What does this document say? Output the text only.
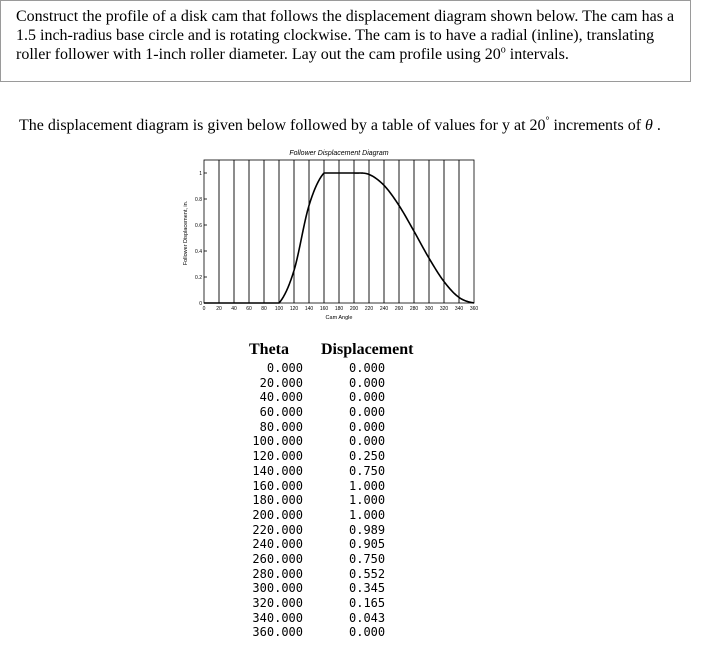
Construct the profile of a disk cam that follows the displacement diagram shown below. The cam has a 1.5 inch-radius base circle and is rotating clockwise. The cam is to have a radial (inline), translating roller follower with 1-inch roller diameter. Lay out the cam profile using 20$^o$ intervals.

The displacement diagram is given below followed by a table of values for y at 20° increments of θ .
Follower Displacement Diagram
Cam Angle
Follower Displacement, in.
0 20 40 60 80 100 120 140 160 180 200 220 240 260 280 300 320 340 360
0
0.2
0.4
0.6
0.8
1
Theta Displacement
0.000	0.000
20.000	0.000
40.000	0.000
60.000	0.000
80.000	0.000
100.000	0.000
120.000	0.250
140.000	0.750
160.000	1.000
180.000	1.000
200.000	1.000
220.000	0.989
240.000	0.905
260.000	0.750
280.000	0.552
300.000	0.345
320.000	0.165
340.000	0.043
360.000	0.000
